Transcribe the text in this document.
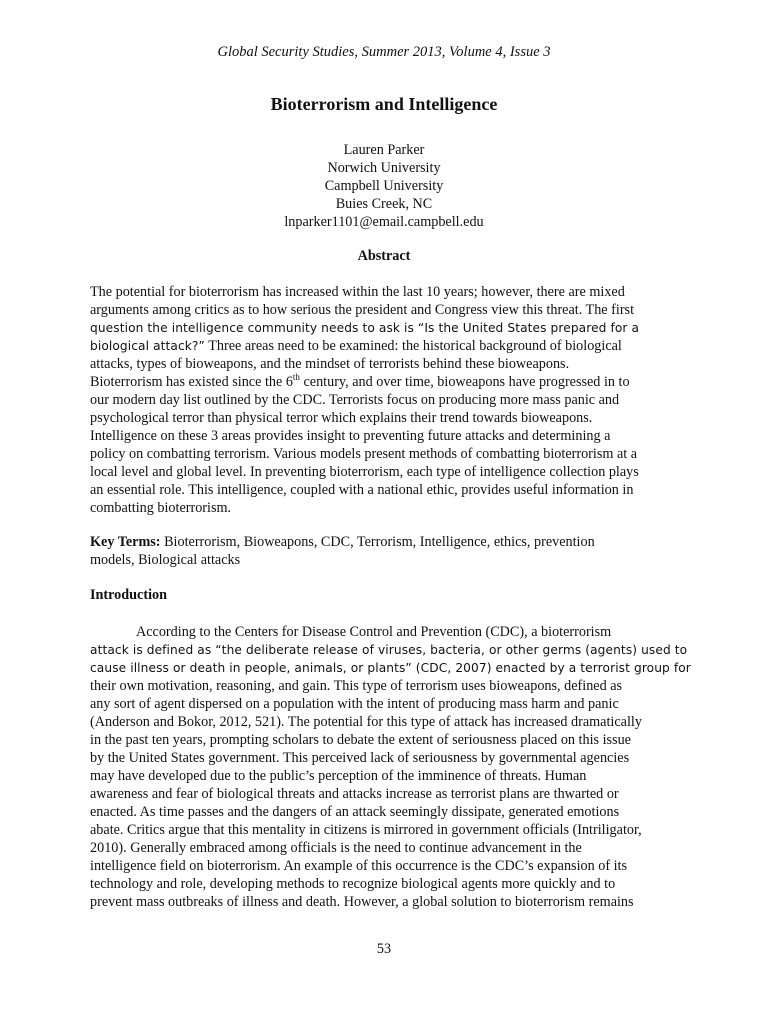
Global Security Studies, Summer 2013, Volume 4, Issue 3
Bioterrorism and Intelligence
Lauren Parker
Norwich University
Campbell University
Buies Creek, NC
lnparker1101@email.campbell.edu
Abstract
The potential for bioterrorism has increased within the last 10 years; however, there are mixed
arguments among critics as to how serious the president and Congress view this threat. The first
question the intelligence community needs to ask is “Is the United States prepared for a
biological attack?” Three areas need to be examined: the historical background of biological
attacks, types of bioweapons, and the mindset of terrorists behind these bioweapons.
Bioterrorism has existed since the 6th century, and over time, bioweapons have progressed in to
our modern day list outlined by the CDC. Terrorists focus on producing more mass panic and
psychological terror than physical terror which explains their trend towards bioweapons.
Intelligence on these 3 areas provides insight to preventing future attacks and determining a
policy on combatting terrorism. Various models present methods of combatting bioterrorism at a
local level and global level. In preventing bioterrorism, each type of intelligence collection plays
an essential role. This intelligence, coupled with a national ethic, provides useful information in
combatting bioterrorism.
Key Terms: Bioterrorism, Bioweapons, CDC, Terrorism, Intelligence, ethics, prevention
models, Biological attacks
Introduction
According to the Centers for Disease Control and Prevention (CDC), a bioterrorism
attack is defined as “the deliberate release of viruses, bacteria, or other germs (agents) used to
cause illness or death in people, animals, or plants” (CDC, 2007) enacted by a terrorist group for
their own motivation, reasoning, and gain. This type of terrorism uses bioweapons, defined as
any sort of agent dispersed on a population with the intent of producing mass harm and panic
(Anderson and Bokor, 2012, 521). The potential for this type of attack has increased dramatically
in the past ten years, prompting scholars to debate the extent of seriousness placed on this issue
by the United States government. This perceived lack of seriousness by governmental agencies
may have developed due to the public’s perception of the imminence of threats. Human
awareness and fear of biological threats and attacks increase as terrorist plans are thwarted or
enacted. As time passes and the dangers of an attack seemingly dissipate, generated emotions
abate. Critics argue that this mentality in citizens is mirrored in government officials (Intriligator,
2010). Generally embraced among officials is the need to continue advancement in the
intelligence field on bioterrorism. An example of this occurrence is the CDC’s expansion of its
technology and role, developing methods to recognize biological agents more quickly and to
prevent mass outbreaks of illness and death. However, a global solution to bioterrorism remains
53
